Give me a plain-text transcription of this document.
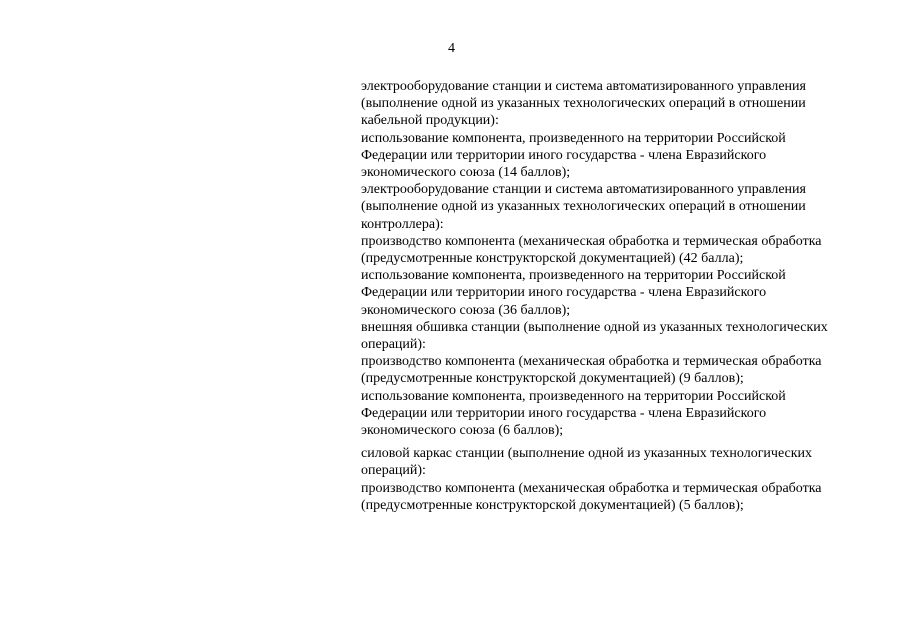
4

электрооборудование станции и система автоматизированного управления
(выполнение одной из указанных технологических операций в отношении
кабельной продукции):

использование компонента, произведенного на территории Российской
Федерации или территории иного государства - члена Евразийского
экономического союза (14 баллов);

электрооборудование станции и система автоматизированного управления
(выполнение одной из указанных технологических операций в отношении
контроллера):

производство компонента (механическая обработка и термическая обработка
(предусмотренные конструкторской документацией) (42 балла);

использование компонента, произведенного на территории Российской
Федерации или территории иного государства - члена Евразийского
экономического союза (36 баллов);

внешняя обшивка станции (выполнение одной из указанных технологических
операций):

производство компонента (механическая обработка и термическая обработка
(предусмотренные конструкторской документацией) (9 баллов);

использование компонента, произведенного на территории Российской
Федерации или территории иного государства - члена Евразийского
экономического союза (6 баллов);

силовой каркас станции (выполнение одной из указанных технологических
операций):

производство компонента (механическая обработка и термическая обработка
(предусмотренные конструкторской документацией) (5 баллов);
